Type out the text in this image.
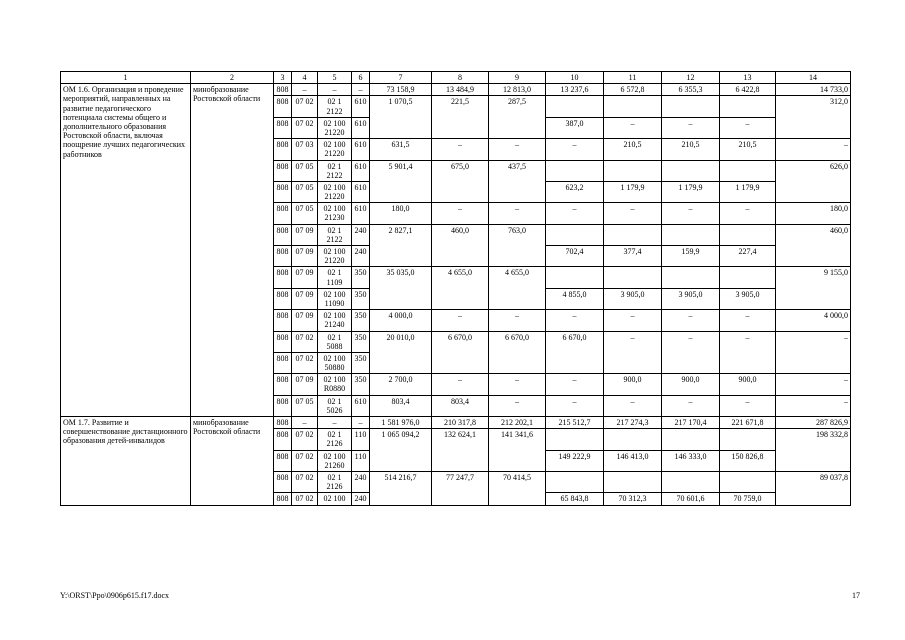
1	2	3	4	5	6	7	8	9	10	11	12	13	14
ОМ 1.6. Организация и проведение мероприятий, направленных на развитие педагогического потенциала системы общего и дополнительного образования Ростовской области, включая поощрение лучших педагогических работников	минобразование Ростовской области	808	–	–	–	73 158,9	13 484,9	12 813,0	13 237,6	6 572,8	6 355,3	6 422,8	14 733,0
		808	07 02	02 1 2122	610	1 070,5	221,5	287,5					312,0
		808	07 02	02 100 21220	610				387,0	–	–	–	
		808	07 03	02 100 21220	610	631,5	–	–	–	210,5	210,5	210,5	–
		808	07 05	02 1 2122	610	5 901,4	675,0	437,5					626,0
		808	07 05	02 100 21220	610				623,2	1 179,9	1 179,9	1 179,9	
		808	07 05	02 100 21230	610	180,0	–	–	–	–	–	–	180,0
		808	07 09	02 1 2122	240	2 827,1	460,0	763,0					460,0
		808	07 09	02 100 21220	240				702,4	377,4	159,9	227,4	
		808	07 09	02 1 1109	350	35 035,0	4 655,0	4 655,0					9 155,0
		808	07 09	02 100 11090	350				4 855,0	3 905,0	3 905,0	3 905,0	
		808	07 09	02 100 21240	350	4 000,0	–	–	–	–	–	–	4 000,0
		808	07 02	02 1 5088	350	20 010,0	6 670,0	6 670,0	6 670,0	–	–	–	–
		808	07 02	02 100 50880	350								
		808	07 09	02 100 R0880	350	2 700,0	–	–	–	900,0	900,0	900,0	–
		808	07 05	02 1 5026	610	803,4	803,4	–	–	–	–	–	–
ОМ 1.7. Развитие и совершенствование дистанционного образования детей-инвалидов	минобразование Ростовской области	808	–	–	–	1 581 976,0	210 317,8	212 202,1	215 512,7	217 274,3	217 170,4	221 671,8	287 826,9
		808	07 02	02 1 2126	110	1 065 094,2	132 624,1	141 341,6					198 332,8
		808	07 02	02 100 21260	110				149 222,9	146 413,0	146 333,0	150 826,8	
		808	07 02	02 1 2126	240	514 216,7	77 247,7	70 414,5					89 037,8
		808	07 02	02 100	240				65 843,8	70 312,3	70 601,6	70 759,0	
Y:\ORST\Ppo\0906p615.f17.docx	17
